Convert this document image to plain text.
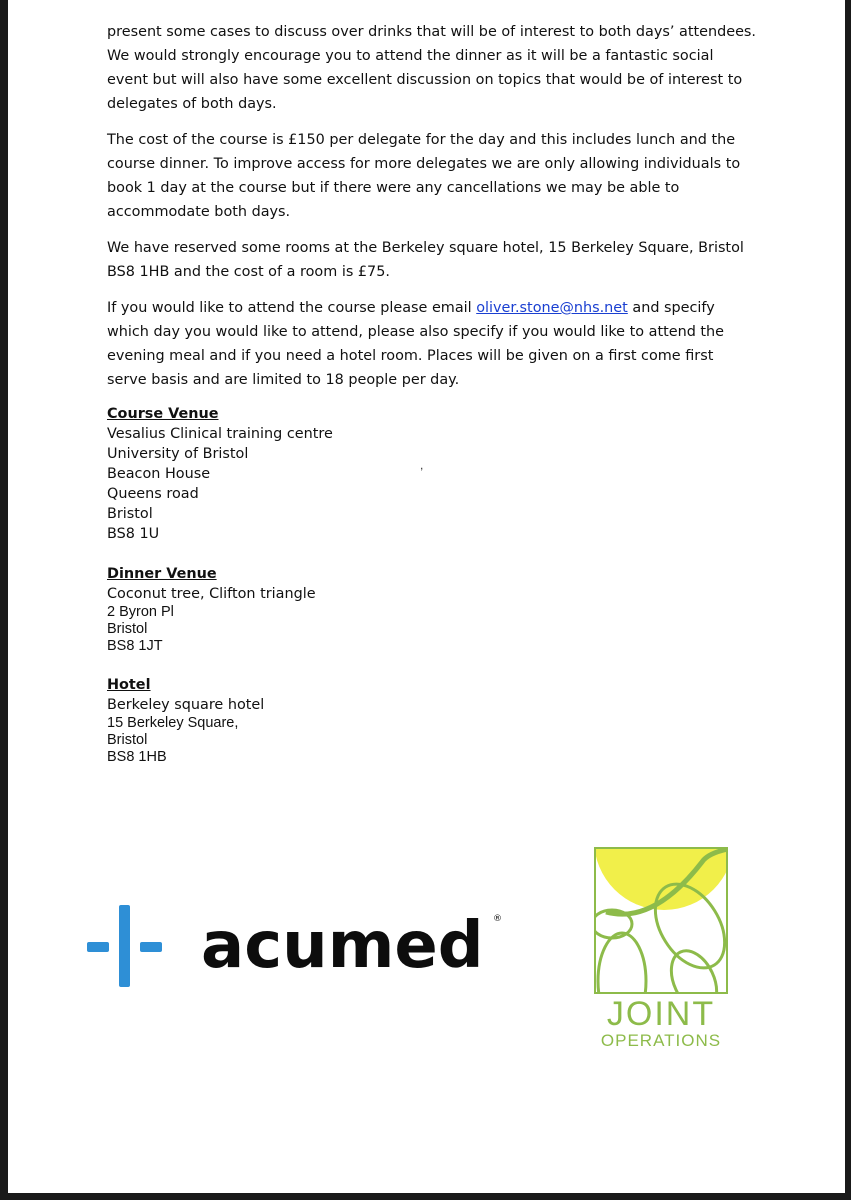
present some cases to discuss over drinks that will be of interest to both days’ attendees. We would strongly encourage you to attend the dinner as it will be a fantastic social event but will also have some excellent discussion on topics that would be of interest to delegates of both days.

The cost of the course is £150 per delegate for the day and this includes lunch and the course dinner. To improve access for more delegates we are only allowing individuals to book 1 day at the course but if there were any cancellations we may be able to accommodate both days.

We have reserved some rooms at the Berkeley square hotel, 15 Berkeley Square, Bristol BS8 1HB and the cost of a room is £75.

If you would like to attend the course please email oliver.stone@nhs.net and specify which day you would like to attend, please also specify if you would like to attend the evening meal and if you need a hotel room. Places will be given on a first come first serve basis and are limited to 18 people per day.

Course Venue
Vesalius Clinical training centre
University of Bristol
Beacon House
Queens road
Bristol
BS8 1U
Dinner Venue
Coconut tree, Clifton triangle
2 Byron Pl
Bristol
BS8 1JT
Hotel
Berkeley square hotel
15 Berkeley Square,
Bristol
BS8 1HB
,
acumed ®
JOINT
OPERATIONS
